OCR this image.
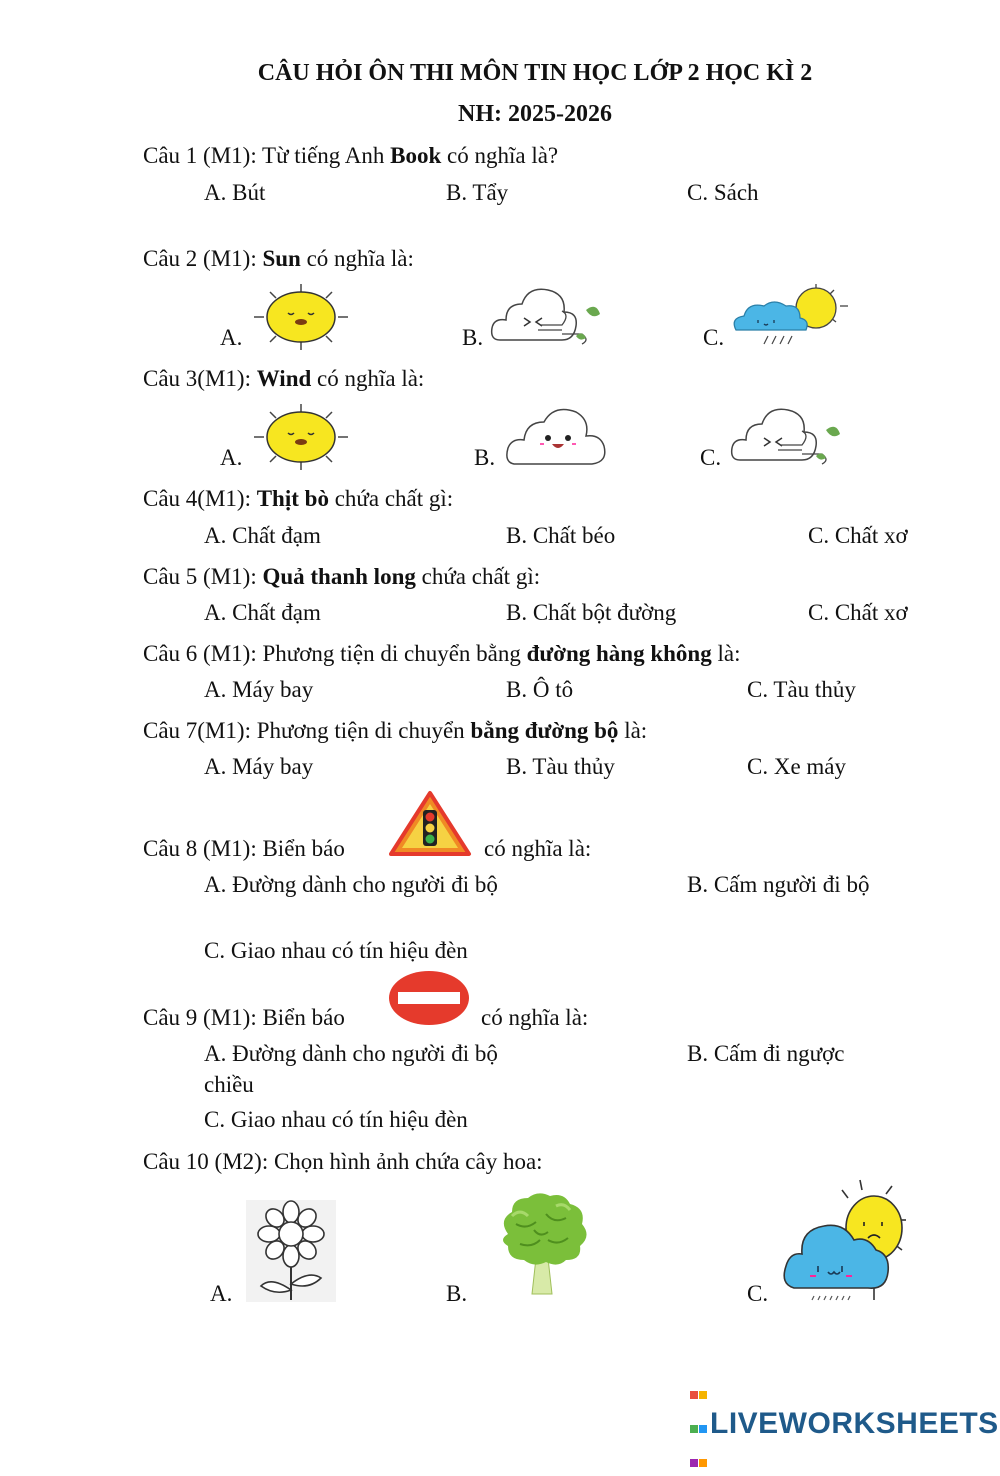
CÂU HỎI ÔN THI MÔN TIN HỌC LỚP 2 HỌC KÌ 2
NH: 2025-2026
Câu 1 (M1): Từ tiếng Anh Book có nghĩa là?
A. Bút	B. Tẩy	C. Sách
Câu 2 (M1): Sun có nghĩa là:
A.	B.	C.
Câu 3(M1): Wind có nghĩa là:
A.	B.	C.
Câu 4(M1): Thịt bò chứa chất gì:
A. Chất đạm	B. Chất béo	C. Chất xơ
Câu 5 (M1): Quả thanh long chứa chất gì:
A. Chất đạm	B. Chất bột đường	C. Chất xơ
Câu 6 (M1): Phương tiện di chuyển bằng đường hàng không là:
A. Máy bay	B. Ô tô	C. Tàu thủy
Câu 7(M1): Phương tiện di chuyển bằng đường bộ là:
A. Máy bay	B. Tàu thủy	C. Xe máy
Câu 8 (M1): Biển báo	có nghĩa là:
A. Đường dành cho người đi bộ	B. Cấm người đi bộ
C. Giao nhau có tín hiệu đèn
Câu 9 (M1): Biển báo	có nghĩa là:
A. Đường dành cho người đi bộ	B. Cấm đi ngược
chiều
C. Giao nhau có tín hiệu đèn
Câu 10 (M2): Chọn hình ảnh chứa cây hoa:
A.	B.	C.

LIVEWORKSHEETS
